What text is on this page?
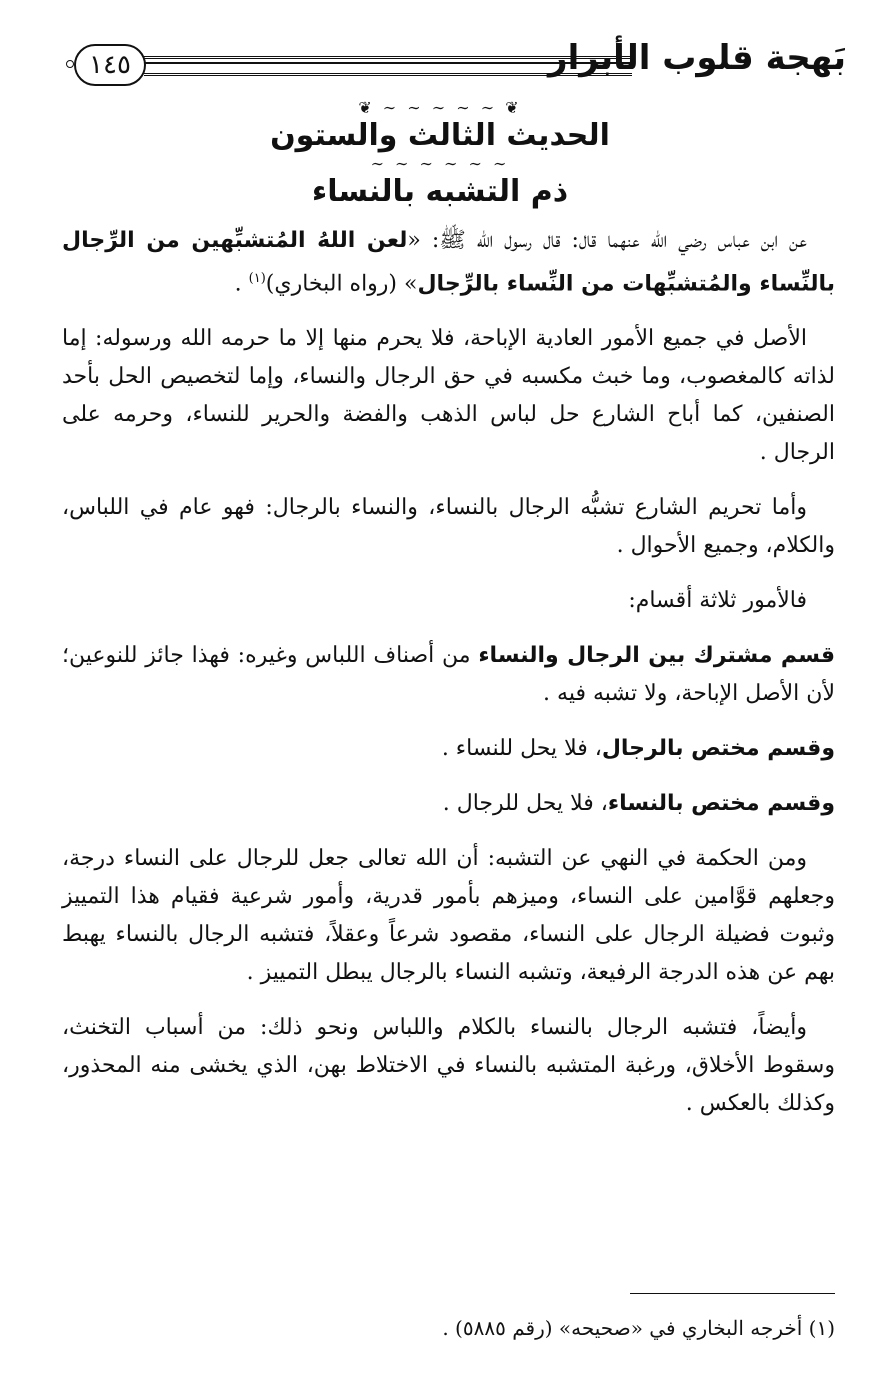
١٤٥	بَهجة قلوب الأبرار
❦ ∽ ∽ ∽ ∽ ∽ ❦
الحديث الثالث والستون
∽ ∽ ∽ ∽ ∽ ∽
ذم التشبه بالنساء

عن ابن عباس رضي الله عنهما قال: قال رسول الله ﷺ: «لعن اللهُ المُتشبِّهين من الرِّجال بالنِّساء والمُتشبِّهات من النِّساء بالرِّجال» (رواه البخاري)$^{(١)}$ .

الأصل في جميع الأمور العادية الإباحة، فلا يحرم منها إلا ما حرمه الله ورسوله: إما لذاته كالمغصوب، وما خبث مكسبه في حق الرجال والنساء، وإما لتخصيص الحل بأحد الصنفين، كما أباح الشارع حل لباس الذهب والفضة والحرير للنساء، وحرمه على الرجال .

وأما تحريم الشارع تشبُّه الرجال بالنساء، والنساء بالرجال: فهو عام في اللباس، والكلام، وجميع الأحوال .

فالأمور ثلاثة أقسام:

قسم مشترك بين الرجال والنساء من أصناف اللباس وغيره: فهذا جائز للنوعين؛ لأن الأصل الإباحة، ولا تشبه فيه .

وقسم مختص بالرجال، فلا يحل للنساء .

وقسم مختص بالنساء، فلا يحل للرجال .

ومن الحكمة في النهي عن التشبه: أن الله تعالى جعل للرجال على النساء درجة، وجعلهم قوَّامين على النساء، وميزهم بأمور قدرية، وأمور شرعية فقيام هذا التمييز وثبوت فضيلة الرجال على النساء، مقصود شرعاً وعقلاً، فتشبه الرجال بالنساء يهبط بهم عن هذه الدرجة الرفيعة، وتشبه النساء بالرجال يبطل التمييز .

وأيضاً، فتشبه الرجال بالنساء بالكلام واللباس ونحو ذلك: من أسباب التخنث، وسقوط الأخلاق، ورغبة المتشبه بالنساء في الاختلاط بهن، الذي يخشى منه المحذور، وكذلك بالعكس .

(١) أخرجه البخاري في «صحيحه» (رقم ٥٨٨٥) .
